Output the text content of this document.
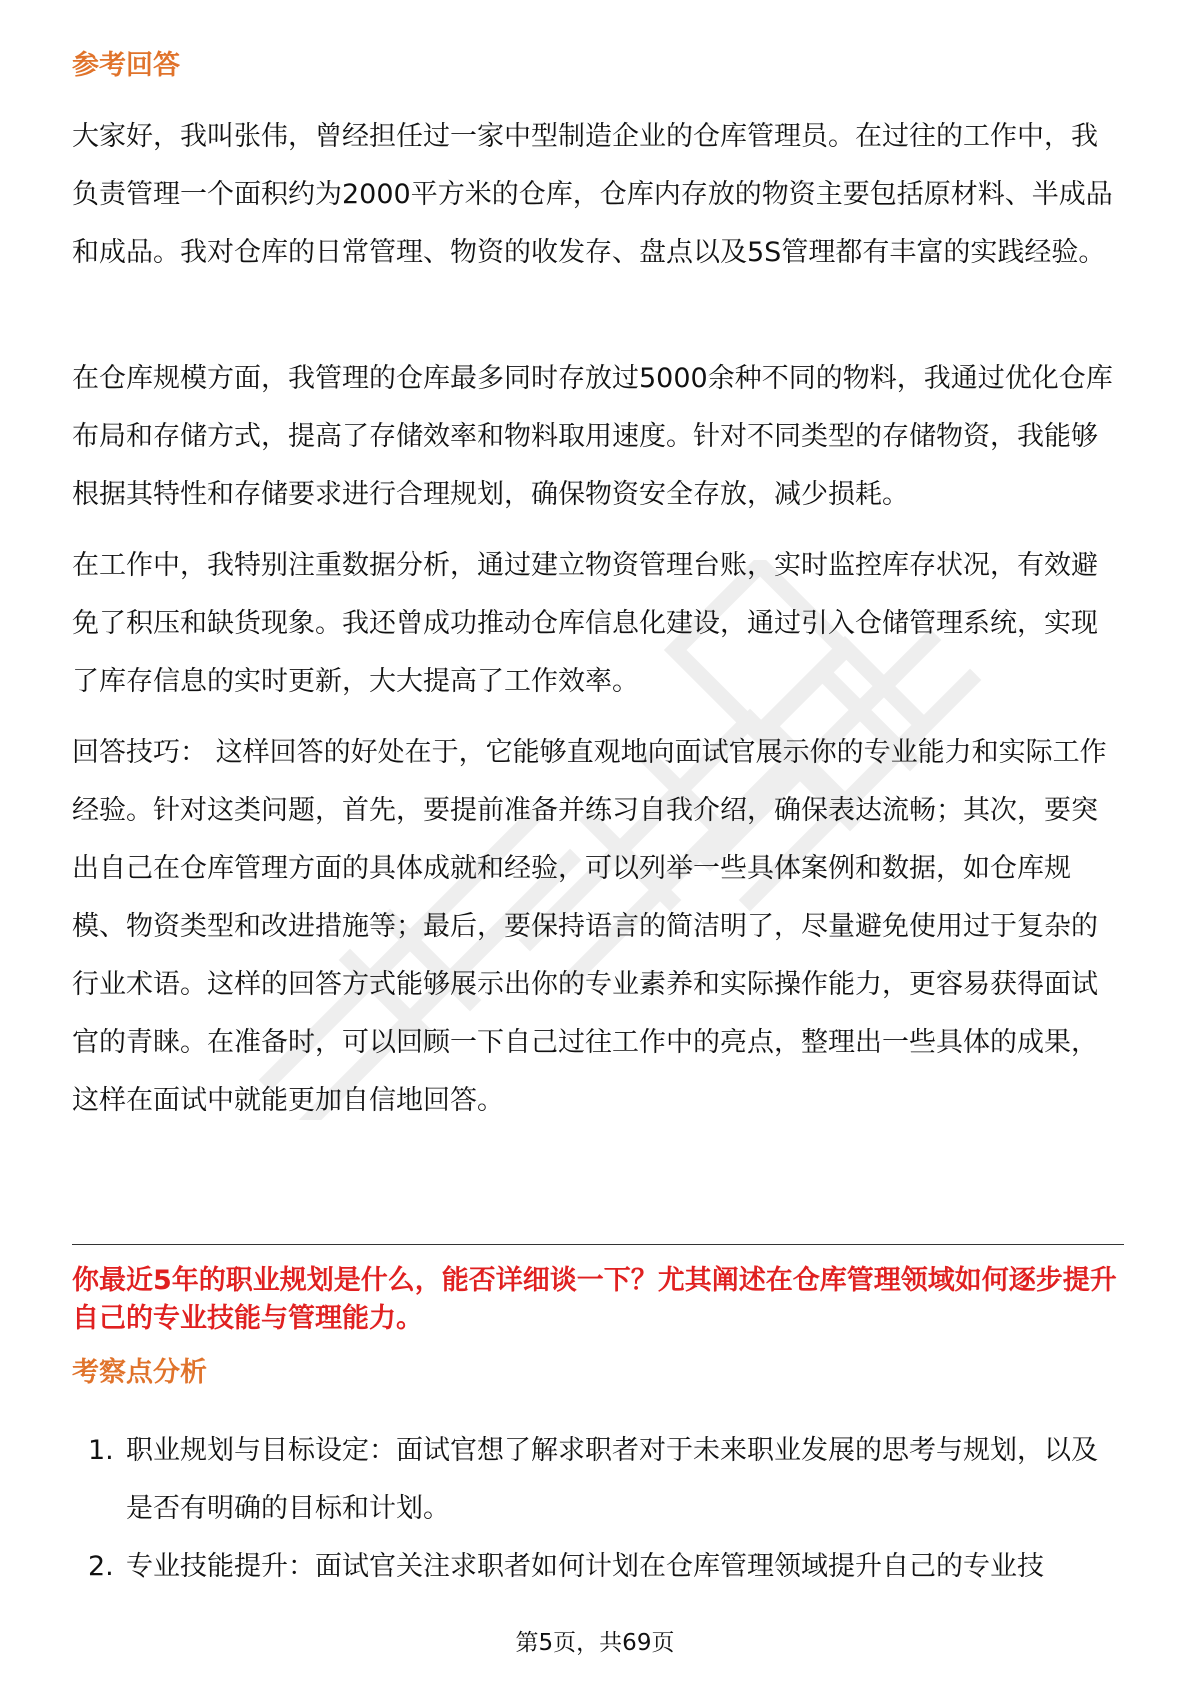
参考回答

大家好，我叫张伟，曾经担任过一家中型制造企业的仓库管理员。在过往的工作中，我负责管理一个面积约为2000平方米的仓库，仓库内存放的物资主要包括原材料、半成品和成品。我对仓库的日常管理、物资的收发存、盘点以及5S管理都有丰富的实践经验。

在仓库规模方面，我管理的仓库最多同时存放过5000余种不同的物料，我通过优化仓库布局和存储方式，提高了存储效率和物料取用速度。针对不同类型的存储物资，我能够根据其特性和存储要求进行合理规划，确保物资安全存放，减少损耗。

在工作中，我特别注重数据分析，通过建立物资管理台账，实时监控库存状况，有效避免了积压和缺货现象。我还曾成功推动仓库信息化建设，通过引入仓储管理系统，实现了库存信息的实时更新，大大提高了工作效率。

回答技巧： 这样回答的好处在于，它能够直观地向面试官展示你的专业能力和实际工作经验。针对这类问题，首先，要提前准备并练习自我介绍，确保表达流畅；其次，要突出自己在仓库管理方面的具体成就和经验，可以列举一些具体案例和数据，如仓库规模、物资类型和改进措施等；最后，要保持语言的简洁明了，尽量避免使用过于复杂的行业术语。这样的回答方式能够展示出你的专业素养和实际操作能力，更容易获得面试官的青睐。在准备时，可以回顾一下自己过往工作中的亮点，整理出一些具体的成果，这样在面试中就能更加自信地回答。

你最近5年的职业规划是什么，能否详细谈一下？尤其阐述在仓库管理领域如何逐步提升自己的专业技能与管理能力。

考察点分析
1. 职业规划与目标设定：面试官想了解求职者对于未来职业发展的思考与规划，以及是否有明确的目标和计划。
2. 专业技能提升：面试官关注求职者如何计划在仓库管理领域提升自己的专业技
第5页，共69页
